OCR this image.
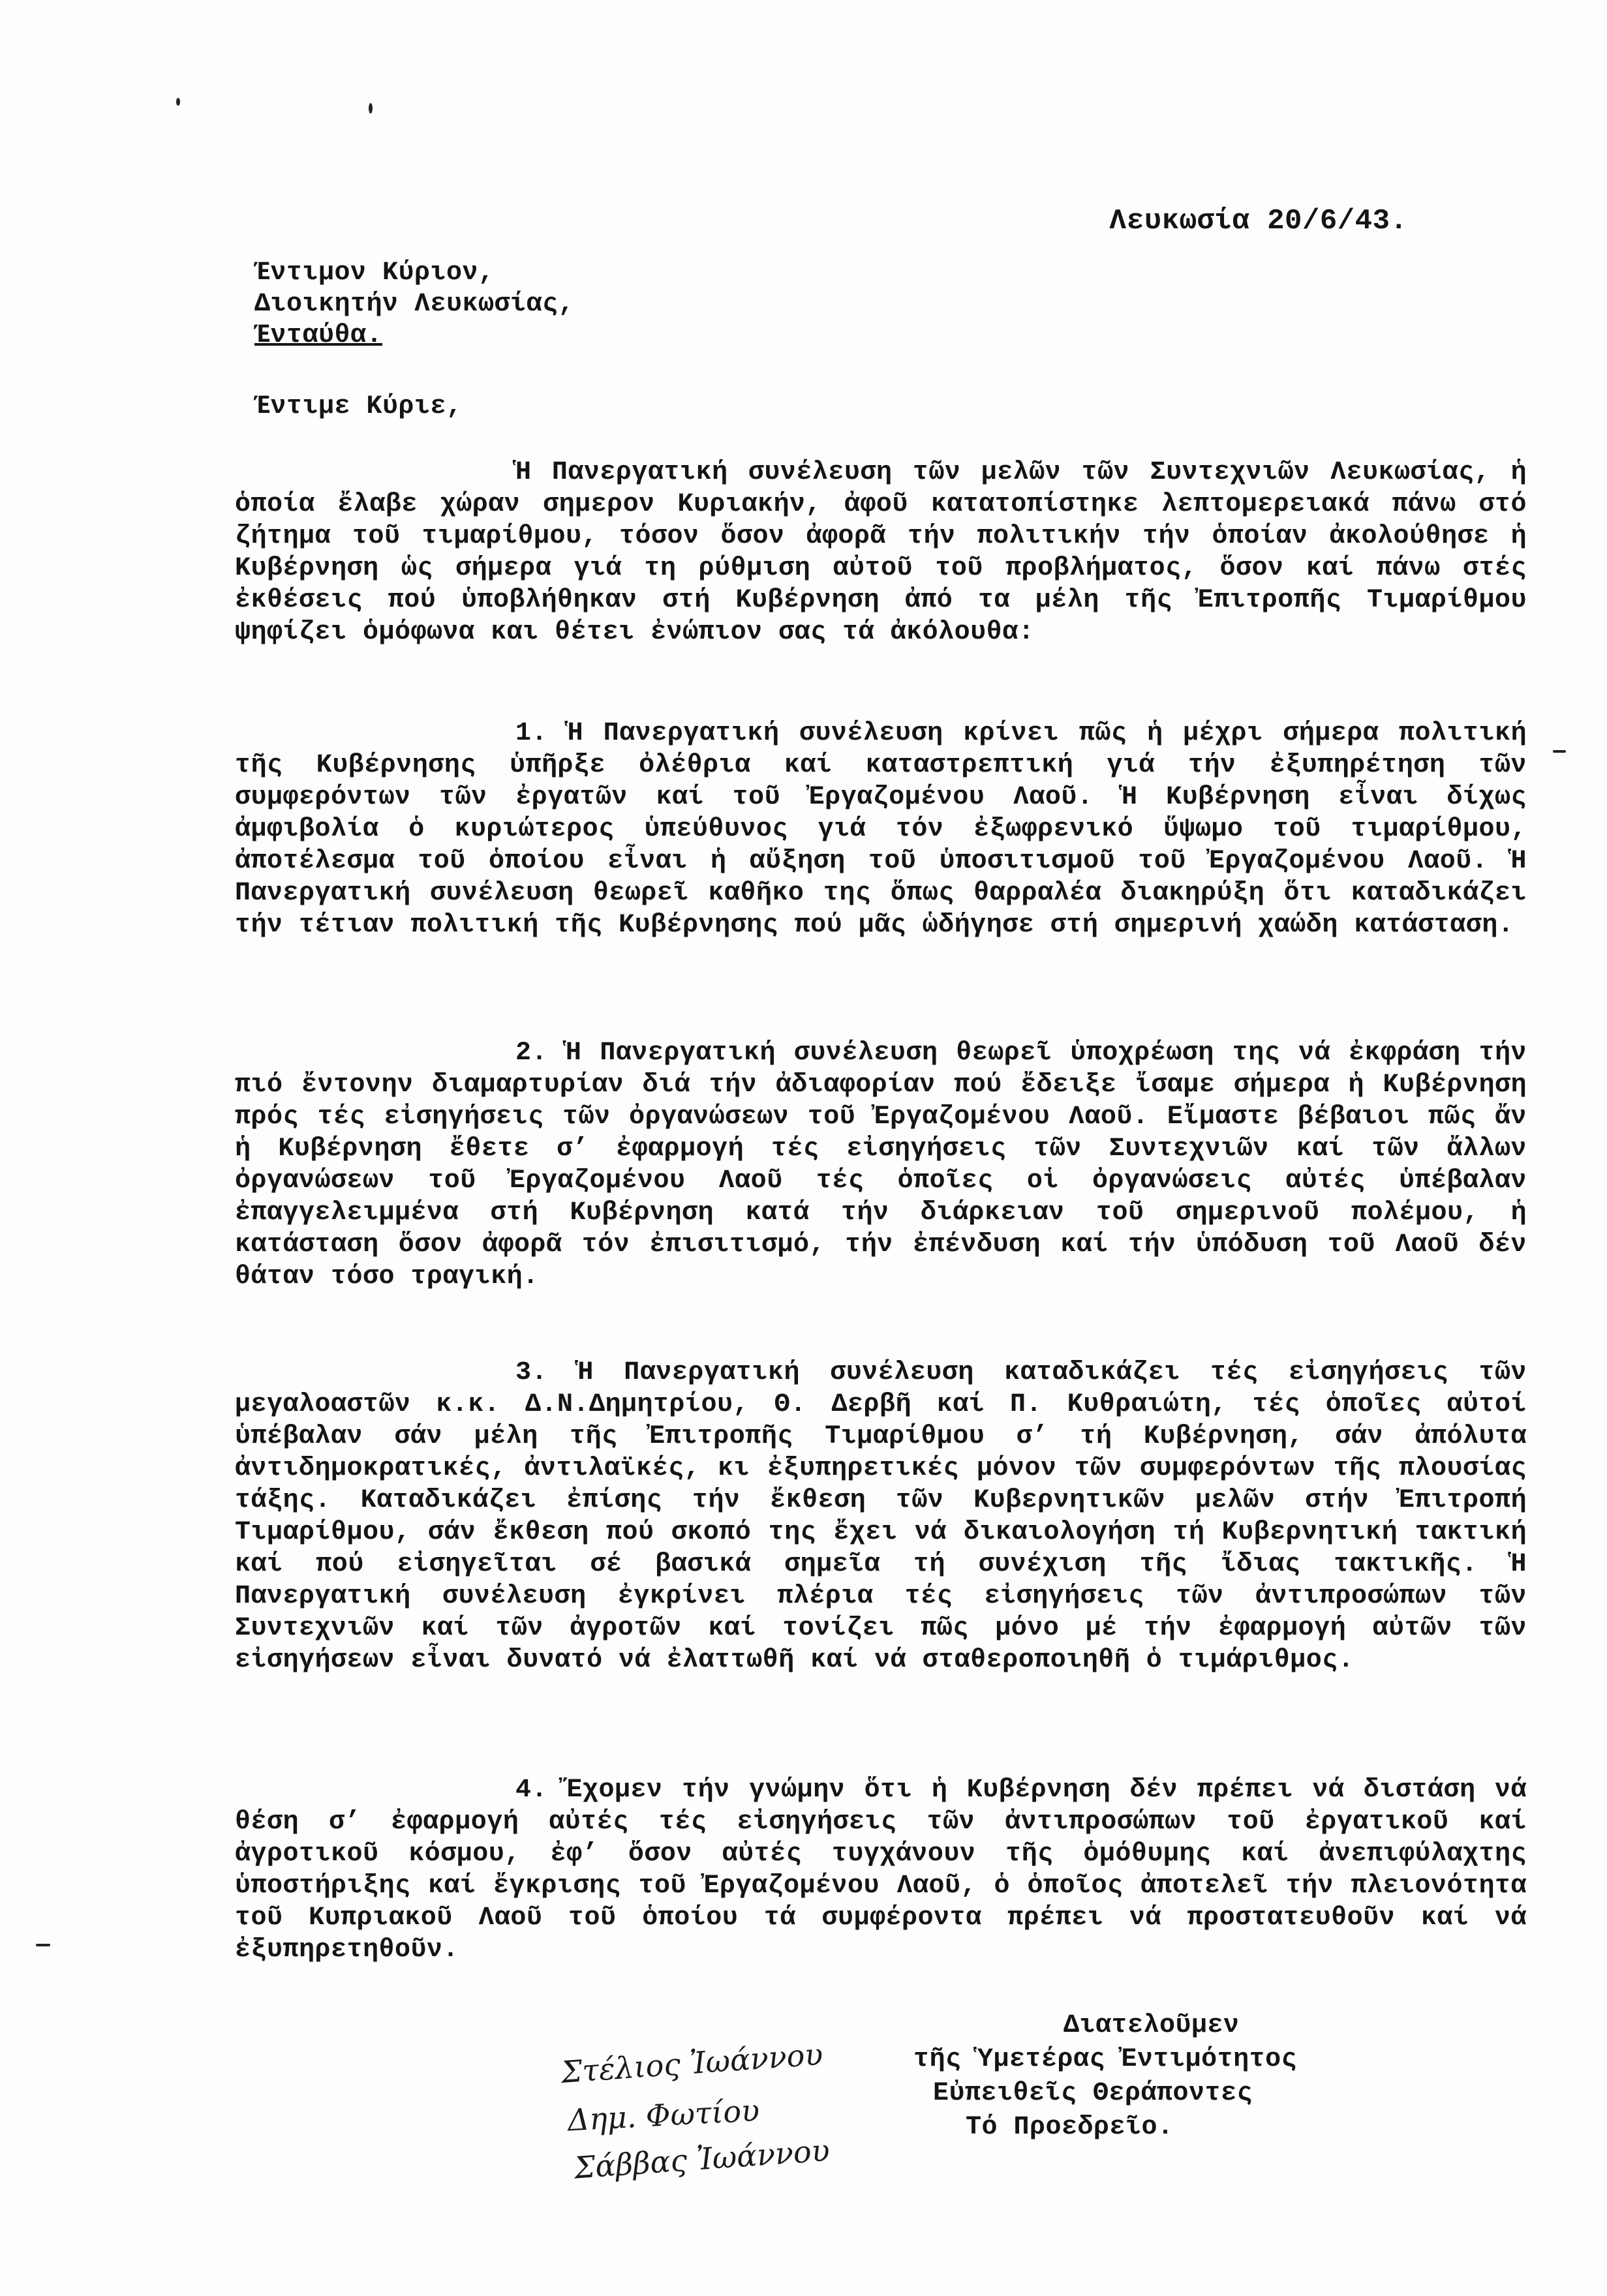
Λευκωσία 20/6/43.
Έντιμον Κύριον,
Διοικητήν Λευκωσίας,
Ένταύθα.
Έντιμε Κύριε,
Ἡ Πανεργατική συνέλευση τῶν μελῶν τῶν Συντεχνιῶν Λευκωσίας, ἡ ὁποία ἔλαβε χώραν σημερον Κυριακήν, ἀφοῦ κατατοπίστηκε λεπτομερειακά πάνω στό ζήτημα τοῦ τιμαρίθμου, τόσον ὅσον ἀφορᾶ τήν πολιτικήν τήν ὁποίαν ἀκολούθησε ἡ Κυβέρνηση ὡς σήμερα γιά τη ρύθμιση αὐτοῦ τοῦ προβλήματος, ὅσον καί πάνω στές ἐκθέσεις πού ὑποβλήθηκαν στή Κυβέρνηση ἀπό τα μέλη τῆς Ἐπιτροπῆς Τιμαρίθμου ψηφίζει ὁμόφωνα και θέτει ἐνώπιον σας τά ἀκόλουθα:
1. Ἡ Πανεργατική συνέλευση κρίνει πῶς ἡ μέχρι σήμερα πολιτική τῆς Κυβέρνησης ὑπῆρξε ὀλέθρια καί καταστρεπτική γιά τήν ἐξυπηρέτηση τῶν συμφερόντων τῶν ἐργατῶν καί τοῦ Ἐργαζομένου Λαοῦ. Ἡ Κυβέρνηση εἶναι δίχως ἀμφιβολία ὁ κυριώτερος ὑπεύθυνος γιά τόν ἐξωφρενικό ὕψωμο τοῦ τιμαρίθμου, ἀποτέλεσμα τοῦ ὁποίου εἶναι ἡ αὔξηση τοῦ ὑποσιτισμοῦ τοῦ Ἐργαζομένου Λαοῦ. Ἡ Πανεργατική συνέλευση θεωρεῖ καθῆκο της ὅπως θαρραλέα διακηρύξη ὅτι καταδικάζει τήν τέτιαν πολιτική τῆς Κυβέρνησης πού μᾶς ὡδήγησε στή σημερινή χαώδη κατάσταση.
2. Ἡ Πανεργατική συνέλευση θεωρεῖ ὑποχρέωση της νά ἐκφράση τήν πιό ἔντονην διαμαρτυρίαν διά τήν ἀδιαφορίαν πού ἔδειξε ἴσαμε σήμερα ἡ Κυβέρνηση πρός τές εἰσηγήσεις τῶν ὀργανώσεων τοῦ Ἐργαζομένου Λαοῦ. Εἴμαστε βέβαιοι πῶς ἄν ἡ Κυβέρνηση ἔθετε σ’ ἐφαρμογή τές εἰσηγήσεις τῶν Συντεχνιῶν καί τῶν ἄλλων ὀργανώσεων τοῦ Ἐργαζομένου Λαοῦ τές ὁποῖες οἱ ὀργανώσεις αὐτές ὑπέβαλαν ἐπαγγελειμμένα στή Κυβέρνηση κατά τήν διάρκειαν τοῦ σημερινοῦ πολέμου, ἡ κατάσταση ὅσον ἀφορᾶ τόν ἐπισιτισμό, τήν ἐπένδυση καί τήν ὑπόδυση τοῦ Λαοῦ δέν θάταν τόσο τραγική.
3. Ἡ Πανεργατική συνέλευση καταδικάζει τές εἰσηγήσεις τῶν μεγαλοαστῶν κ.κ. Δ.Ν.Δημητρίου, Θ. Δερβῆ καί Π. Κυθραιώτη, τές ὁποῖες αὐτοί ὑπέβαλαν σάν μέλη τῆς Ἐπιτροπῆς Τιμαρίθμου σ’ τή Κυβέρνηση, σάν ἀπόλυτα ἀντιδημοκρατικές, ἀντιλαϊκές, κι ἐξυπηρετικές μόνον τῶν συμφερόντων τῆς πλουσίας τάξης. Καταδικάζει ἐπίσης τήν ἔκθεση τῶν Κυβερνητικῶν μελῶν στήν Ἐπιτροπή Τιμαρίθμου, σάν ἔκθεση πού σκοπό της ἔχει νά δικαιολογήση τή Κυβερνητική τακτική καί πού εἰσηγεῖται σέ βασικά σημεῖα τή συνέχιση τῆς ἴδιας τακτικῆς. Ἡ Πανεργατική συνέλευση ἐγκρίνει πλέρια τές εἰσηγήσεις τῶν ἀντιπροσώπων τῶν Συντεχνιῶν καί τῶν ἀγροτῶν καί τονίζει πῶς μόνο μέ τήν ἐφαρμογή αὐτῶν τῶν εἰσηγήσεων εἶναι δυνατό νά ἐλαττωθῆ καί νά σταθεροποιηθῆ ὁ τιμάριθμος.
4. Ἔχομεν τήν γνώμην ὅτι ἡ Κυβέρνηση δέν πρέπει νά διστάση νά θέση σ’ ἐφαρμογή αὐτές τές εἰσηγήσεις τῶν ἀντιπροσώπων τοῦ ἐργατικοῦ καί ἀγροτικοῦ κόσμου, ἐφ’ ὅσον αὐτές τυγχάνουν τῆς ὁμόθυμης καί ἀνεπιφύλαχτης ὑποστήριξης καί ἔγκρισης τοῦ Ἐργαζομένου Λαοῦ, ὁ ὁποῖος ἀποτελεῖ τήν πλειονότητα τοῦ Κυπριακοῦ Λαοῦ τοῦ ὁποίου τά συμφέροντα πρέπει νά προστατευθοῦν καί νά ἐξυπηρετηθοῦν.
Διατελοῦμεν
τῆς Ὑμετέρας Ἐντιμότητος
Εὐπειθεῖς Θεράποντες
Τό Προεδρεῖο.
Στέλιος Ἰωάννου
Δημ. Φωτίου
Σάββας Ἰωάννου
